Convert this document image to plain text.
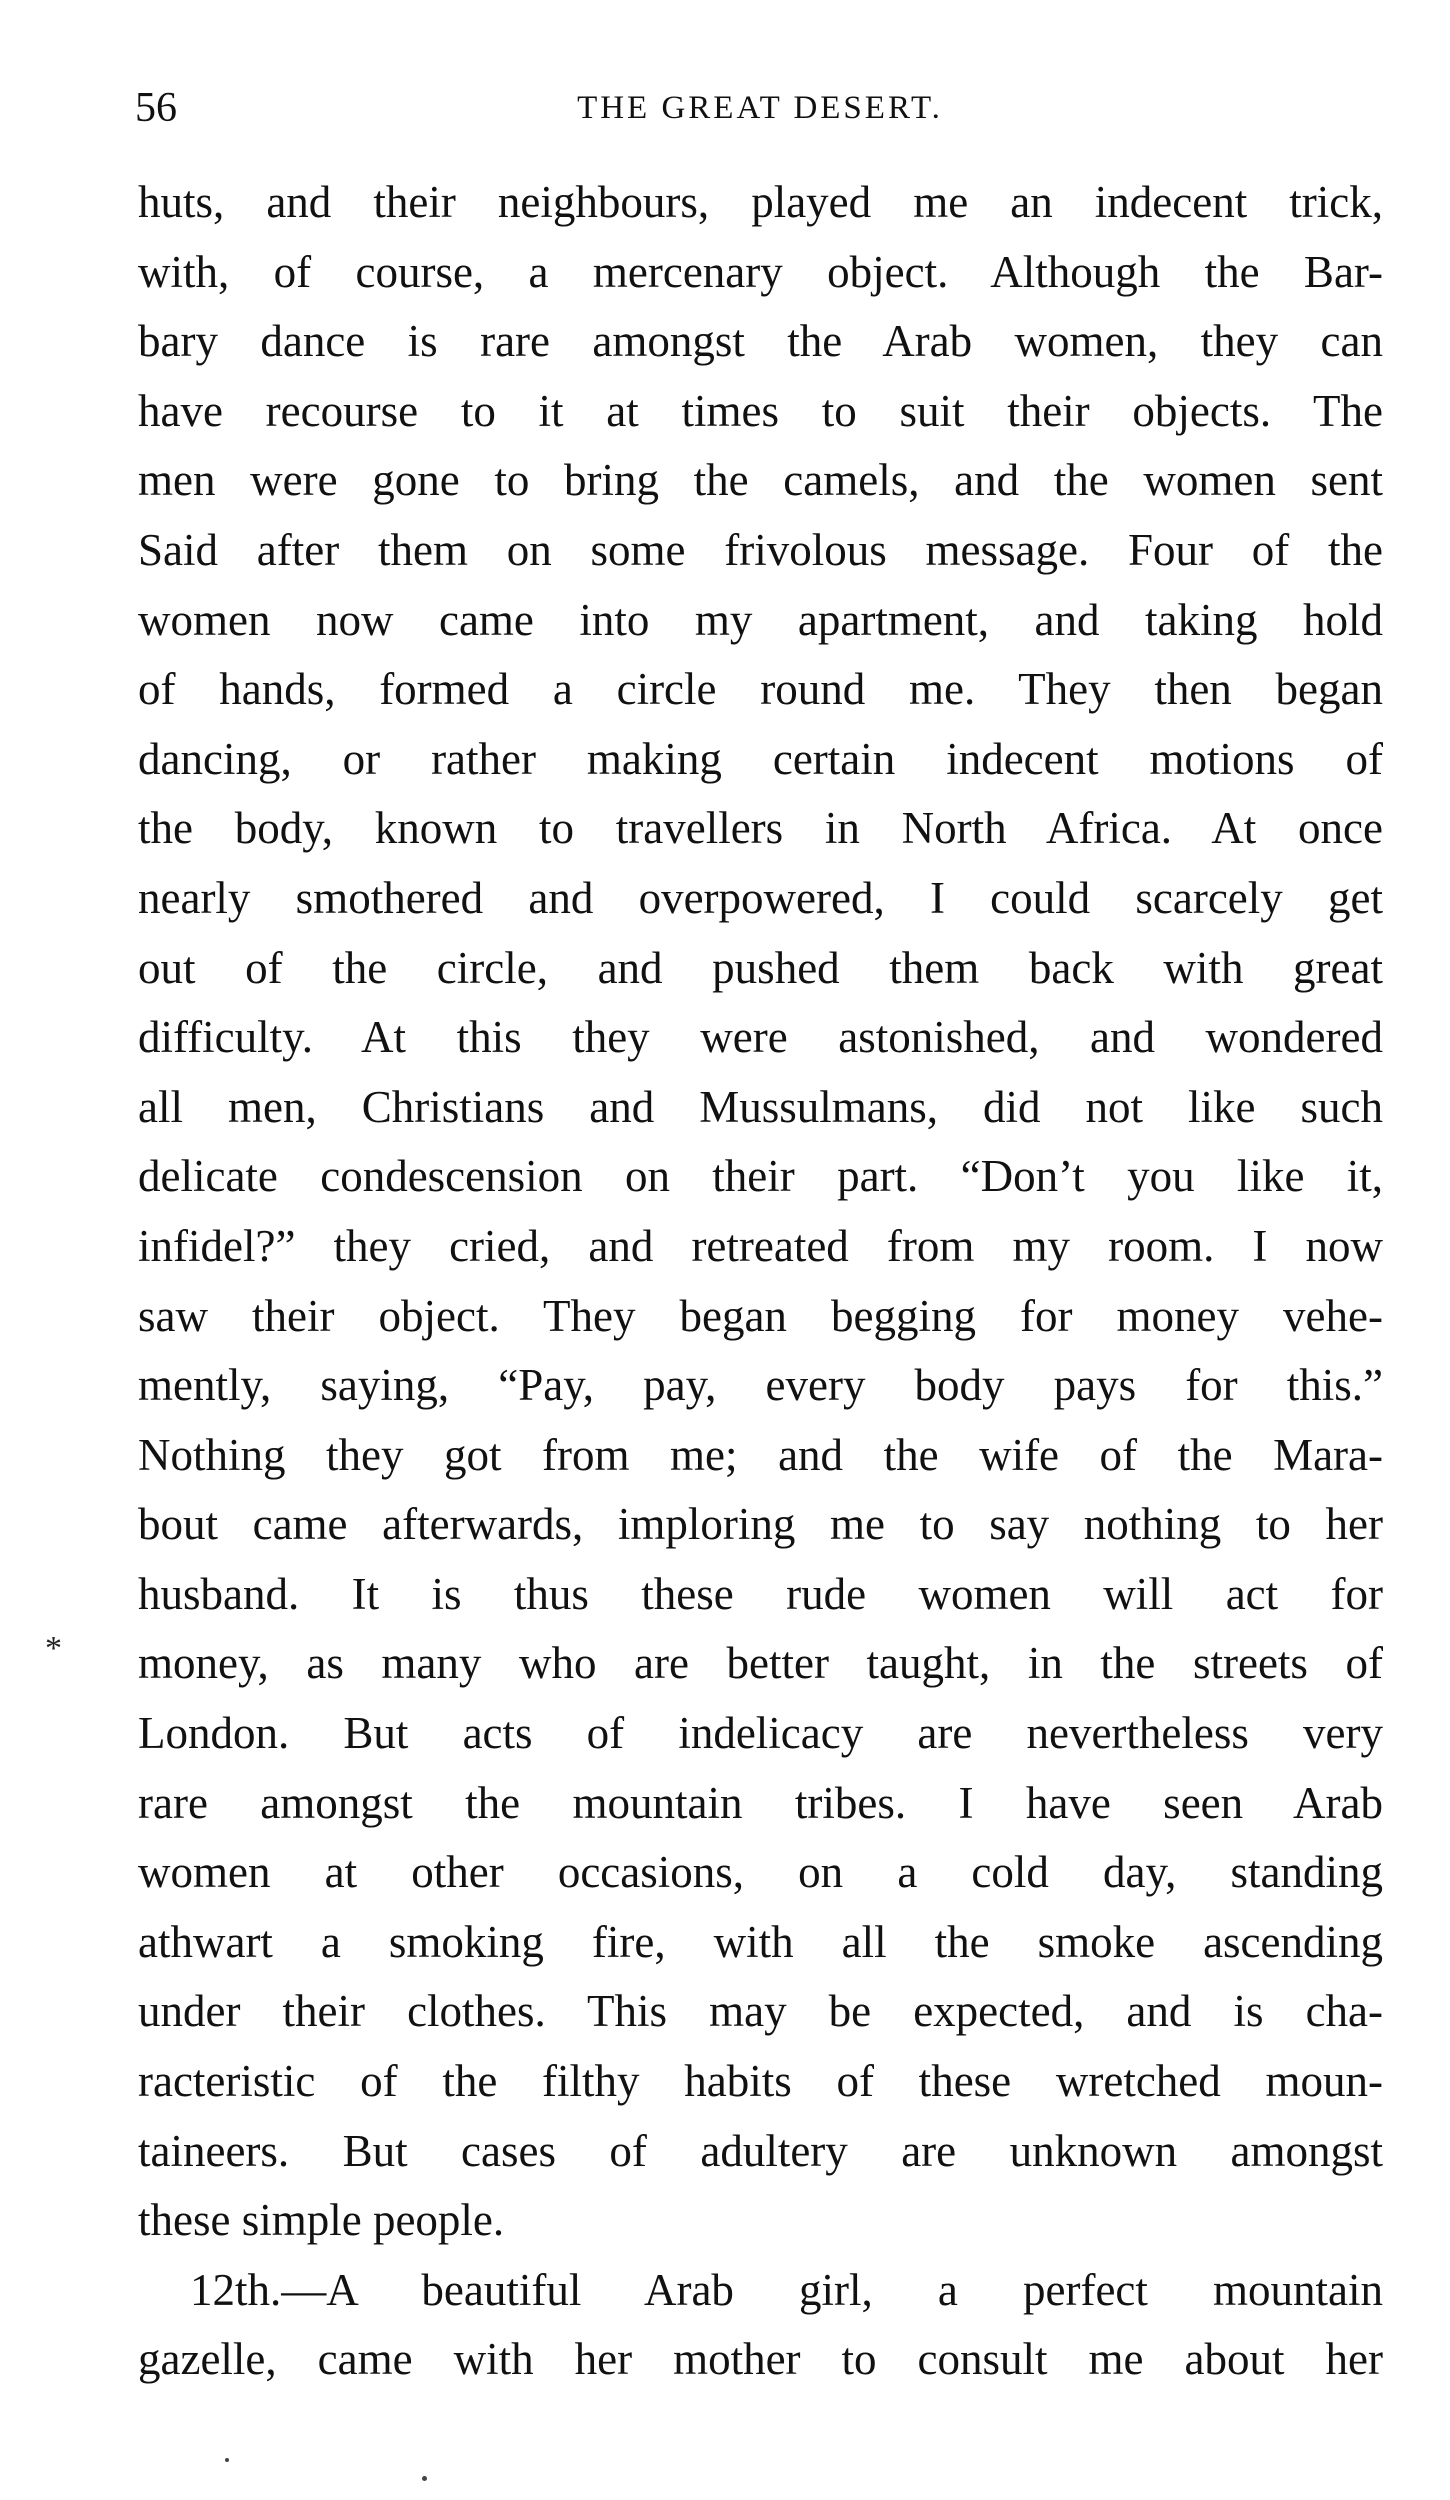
56	THE GREAT DESERT.
huts, and their neighbours, played me an indecent trick,
with, of course, a mercenary object. Although the Bar-
bary dance is rare amongst the Arab women, they can
have recourse to it at times to suit their objects. The
men were gone to bring the camels, and the women sent
Said after them on some frivolous message. Four of the
women now came into my apartment, and taking hold
of hands, formed a circle round me. They then began
dancing, or rather making certain indecent motions of
the body, known to travellers in North Africa. At once
nearly smothered and overpowered, I could scarcely get
out of the circle, and pushed them back with great
difficulty. At this they were astonished, and wondered
all men, Christians and Mussulmans, did not like such
delicate condescension on their part. “Don’t you like it,
infidel?” they cried, and retreated from my room. I now
saw their object. They began begging for money vehe-
mently, saying, “Pay, pay, every body pays for this.”
Nothing they got from me; and the wife of the Mara-
bout came afterwards, imploring me to say nothing to her
husband. It is thus these rude women will act for
money, as many who are better taught, in the streets of
London. But acts of indelicacy are nevertheless very
rare amongst the mountain tribes. I have seen Arab
women at other occasions, on a cold day, standing
athwart a smoking fire, with all the smoke ascending
under their clothes. This may be expected, and is cha-
racteristic of the filthy habits of these wretched moun-
taineers. But cases of adultery are unknown amongst
these simple people.
12th.—A beautiful Arab girl, a perfect mountain
gazelle, came with her mother to consult me about her
*
